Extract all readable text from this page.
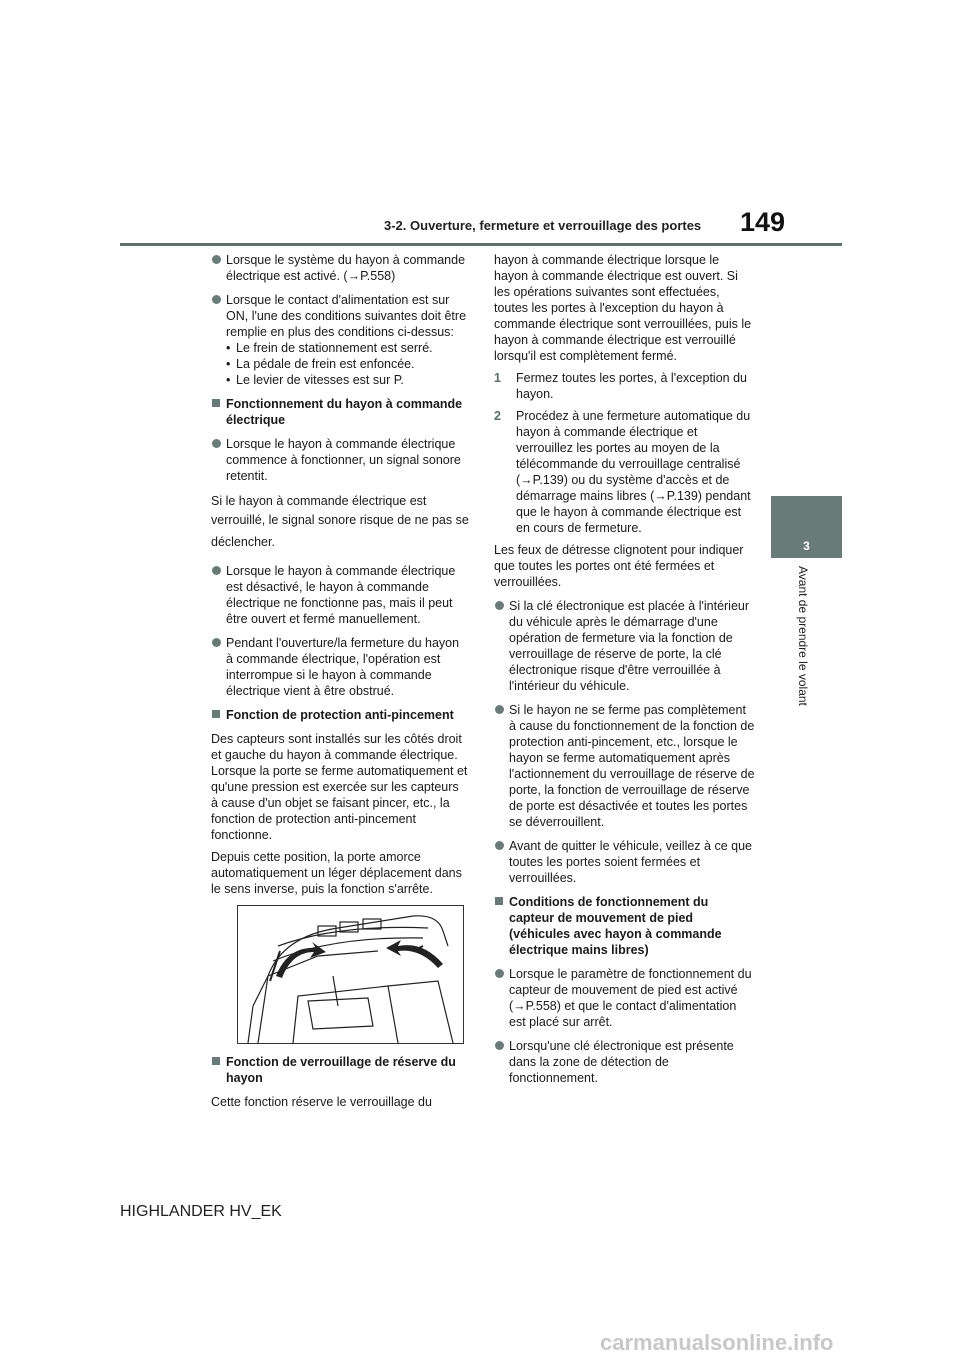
3-2. Ouverture, fermeture et verrouillage des portes 149
3
Avant de prendre le volant
Lorsque le système du hayon à commande électrique est activé. (→P.558)
Lorsque le contact d'alimentation est sur ON, l'une des conditions suivantes doit être remplie en plus des conditions ci-dessus:
• Le frein de stationnement est serré.
• La pédale de frein est enfoncée.
• Le levier de vitesses est sur P.
Fonctionnement du hayon à commande électrique
Lorsque le hayon à commande électrique commence à fonctionner, un signal sonore retentit.

Si le hayon à commande électrique est verrouillé, le signal sonore risque de ne pas se

déclencher.

Lorsque le hayon à commande électrique est désactivé, le hayon à commande électrique ne fonctionne pas, mais il peut être ouvert et fermé manuellement.
Pendant l'ouverture/la fermeture du hayon à commande électrique, l'opération est interrompue si le hayon à commande électrique vient à être obstrué.
Fonction de protection anti-pincement

Des capteurs sont installés sur les côtés droit et gauche du hayon à commande électrique. Lorsque la porte se ferme automatiquement et qu'une pression est exercée sur les capteurs à cause d'un objet se faisant pincer, etc., la fonction de protection anti-pincement fonctionne.

Depuis cette position, la porte amorce automatiquement un léger déplacement dans le sens inverse, puis la fonction s'arrête.

Fonction de verrouillage de réserve du hayon

Cette fonction réserve le verrouillage du

hayon à commande électrique lorsque le hayon à commande électrique est ouvert. Si les opérations suivantes sont effectuées, toutes les portes à l'exception du hayon à commande électrique sont verrouillées, puis le hayon à commande électrique est verrouillé lorsqu'il est complètement fermé.

1 Fermez toutes les portes, à l'exception du hayon.
2 Procédez à une fermeture automatique du hayon à commande électrique et verrouillez les portes au moyen de la télécommande du verrouillage centralisé (→P.139) ou du système d'accès et de démarrage mains libres (→P.139) pendant que le hayon à commande électrique est en cours de fermeture.

Les feux de détresse clignotent pour indiquer que toutes les portes ont été fermées et verrouillées.

Si la clé électronique est placée à l'intérieur du véhicule après le démarrage d'une opération de fermeture via la fonction de verrouillage de réserve de porte, la clé électronique risque d'être verrouillée à l'intérieur du véhicule.
Si le hayon ne se ferme pas complètement à cause du fonctionnement de la fonction de protection anti-pincement, etc., lorsque le hayon se ferme automatiquement après l'actionnement du verrouillage de réserve de porte, la fonction de verrouillage de réserve de porte est désactivée et toutes les portes se déverrouillent.
Avant de quitter le véhicule, veillez à ce que toutes les portes soient fermées et verrouillées.
Conditions de fonctionnement du capteur de mouvement de pied (véhicules avec hayon à commande électrique mains libres)
Lorsque le paramètre de fonctionnement du capteur de mouvement de pied est activé (→P.558) et que le contact d'alimentation est placé sur arrêt.
Lorsqu'une clé électronique est présente dans la zone de détection de fonctionnement.
HIGHLANDER HV_EK
carmanualsonline.info
